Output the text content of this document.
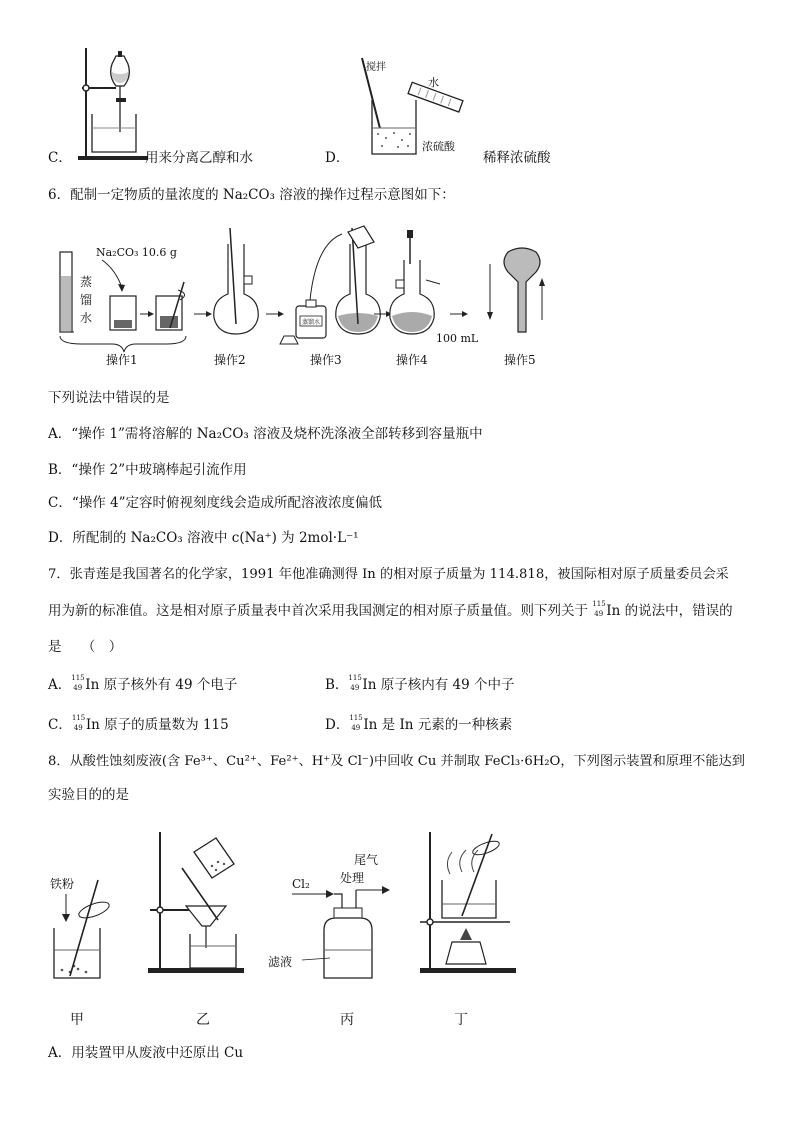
C．	用来分离乙醇和水
搅拌
水
浓硫酸
D．	稀释浓硫酸
6．配制一定物质的量浓度的 Na₂CO₃ 溶液的操作过程示意图如下：
蒸
馏
水
Na₂CO₃ 10.6 g
操作1	操作2
蒸馏水
操作3
100 mL
操作4	操作5
下列说法中错误的是
A．“操作 1”需将溶解的 Na₂CO₃ 溶液及烧杯洗涤液全部转移到容量瓶中
B．“操作 2”中玻璃棒起引流作用
C．“操作 4”定容时俯视刻度线会造成所配溶液浓度偏低
D．所配制的 Na₂CO₃ 溶液中 c(Na⁺) 为 2mol·L⁻¹
7．张青莲是我国著名的化学家，1991 年他准确测得 In 的相对原子质量为 114.818，被国际相对原子质量委员会采
用为新的标准值。这是相对原子质量表中首次采用我国测定的相对原子质量值。则下列关于 115
49 In 的说法中，错误的
是　　（　）
A． 115
49 In 原子核外有 49 个电子	B． 115
49 In 原子核内有 49 个中子
C． 115
49 In 原子的质量数为 115	D． 115
49 In 是 In 元素的一种核素
8．从酸性蚀刻废液(含 Fe³⁺、Cu²⁺、Fe²⁺、H⁺及 Cl⁻)中回收 Cu 并制取 FeCl₃·6H₂O，下列图示装置和原理不能达到
实验目的的是
铁粉
甲	乙
Cl₂
尾气
处理
滤液
丙	丁
A．用装置甲从废液中还原出 Cu
